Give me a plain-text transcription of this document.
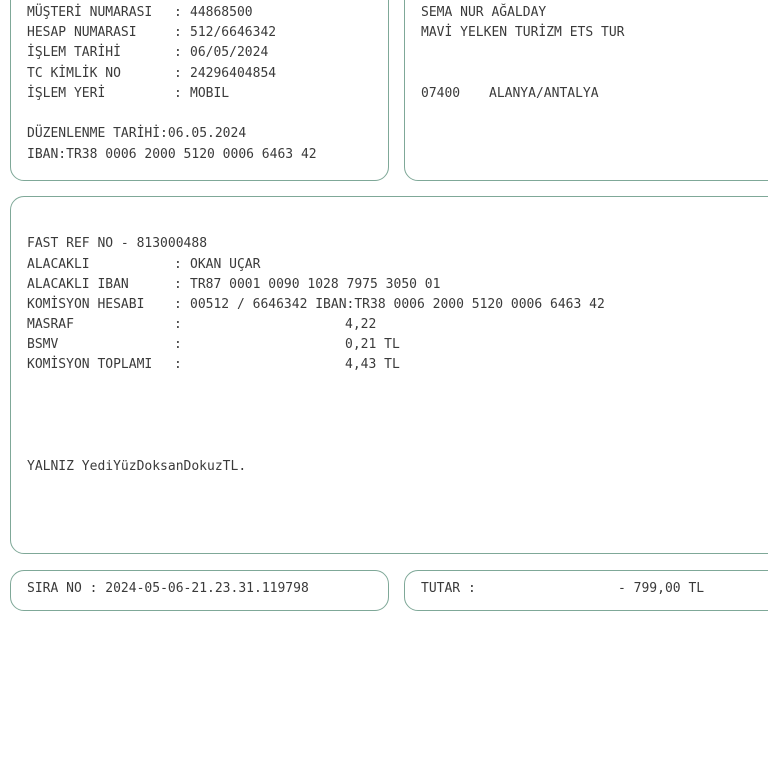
MÜŞTERİ NUMARASI : 44868500
HESAP NUMARASI	: 512/6646342
İŞLEM TARİHİ	: 06/05/2024
TC KİMLİK NO	: 24296404854
İŞLEM YERİ	: MOBIL
DÜZENLENME TARİHİ:06.05.2024
IBAN:TR38 0006 2000 5120 0006 6463 42
SEMA NUR AĞALDAY
MAVİ YELKEN TURİZM ETS TUR
07400 ALANYA/ANTALYA
FAST REF NO - 813000488
ALACAKLI	: OKAN UÇAR
ALACAKLI IBAN	: TR87 0001 0090 1028 7975 3050 01
KOMİSYON HESABI : 00512 / 6646342 IBAN:TR38 0006 2000 5120 0006 6463 42
MASRAF	:	4,22
BSMV	:	0,21 TL
KOMİSYON TOPLAMI :	4,43 TL
YALNIZ YediYüzDoksanDokuzTL.
SIRA NO : 2024-05-06-21.23.31.119798	TUTAR :	- 799,00 TL
